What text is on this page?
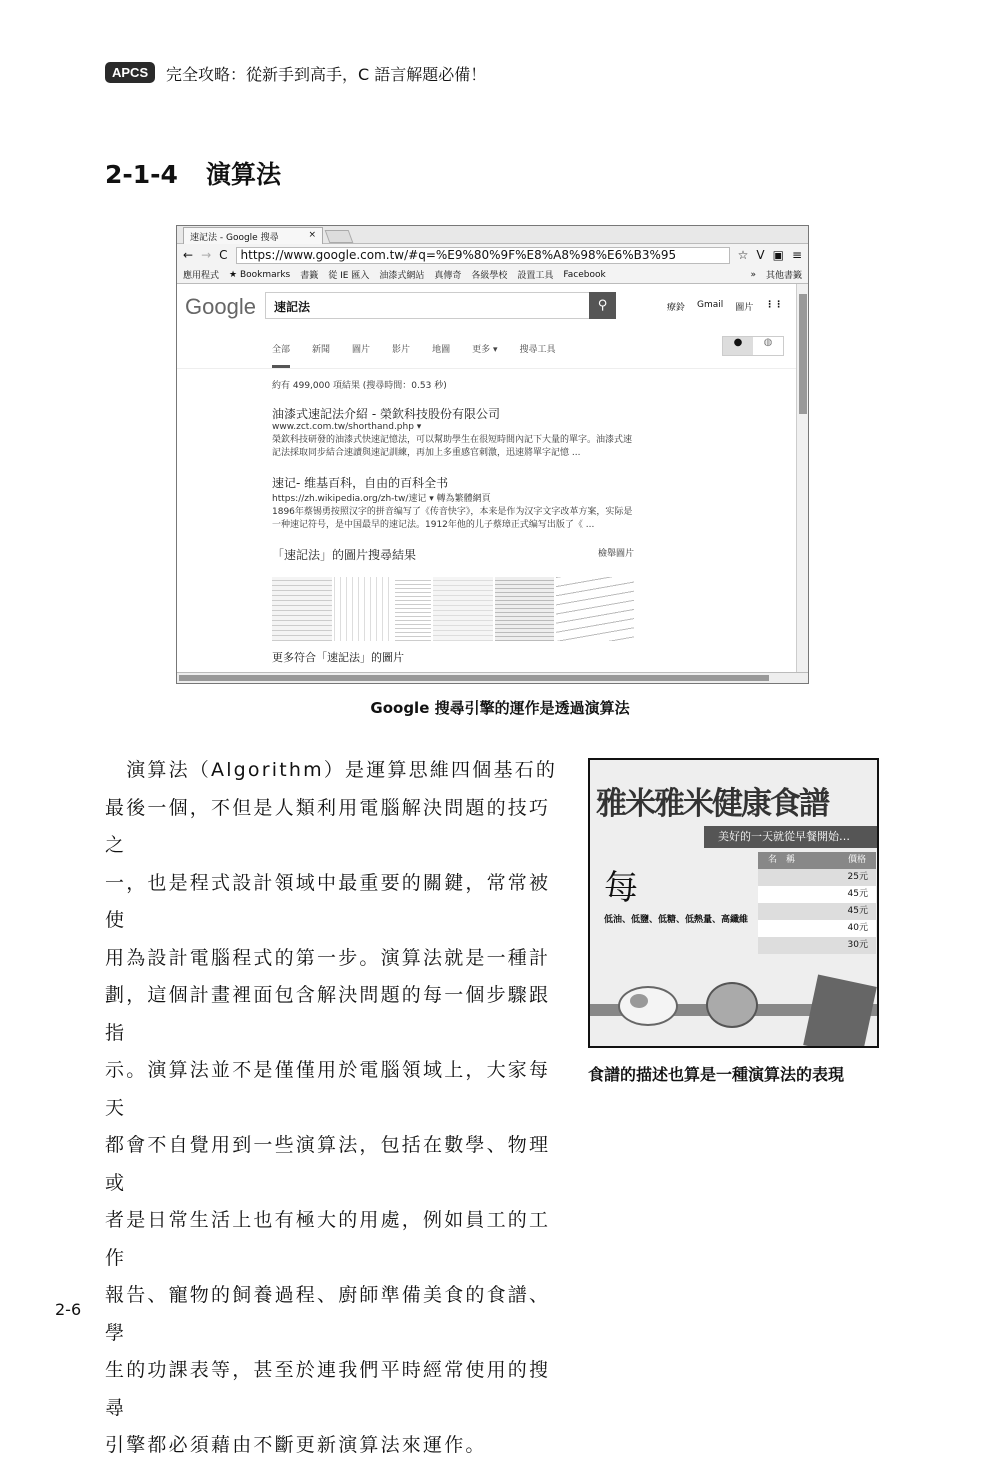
APCS	完全攻略：從新手到高手，C 語言解題必備！
2-1-4 演算法
速記法 - Google 搜尋	×
← → C	https://www.google.com.tw/#q=%E9%80%9F%E8%A8%98%E6%B3%95	☆ V ▣ ≡
應用程式 ★ Bookmarks 書籤 從 IE 匯入 油漆式網站 真傳奇 各級學校 設置工具 Facebook	» 其他書籤
Google	速記法	⚲	療鈴 Gmail 圖片 ⋮⋮
全部 新聞 圖片 影片 地圖 更多 ▾ 搜尋工具
●	◍
約有 499,000 項結果 (搜尋時間：0.53 秒)
油漆式速記法介紹 - 榮欽科技股份有限公司
www.zct.com.tw/shorthand.php ▾
榮欽科技研發的油漆式快速記憶法，可以幫助學生在很短時間內記下大量的單字。油漆式速記法採取同步結合速讀與速記訓練，再加上多重感官刺激，迅速將單字記憶 ...
速记- 维基百科，自由的百科全书
https://zh.wikipedia.org/zh-tw/速记 ▾ 轉為繁體網頁
1896年蔡锡勇按照汉字的拼音编写了《传音快字》，本来是作为汉字文字改革方案，实际是一种速记符号，是中国最早的速记法。1912年他的儿子蔡璋正式编写出版了《 ...
「速記法」的圖片搜尋結果	檢舉圖片
更多符合「速記法」的圖片
Google 搜尋引擎的運作是透過演算法
　演算法（Algorithm）是運算思維四個基石的
最後一個，不但是人類利用電腦解決問題的技巧之
一，也是程式設計領域中最重要的關鍵，常常被使
用為設計電腦程式的第一步。演算法就是一種計
劃，這個計畫裡面包含解決問題的每一個步驟跟指
示。演算法並不是僅僅用於電腦領域上，大家每天
都會不自覺用到一些演算法，包括在數學、物理或
者是日常生活上也有極大的用處，例如員工的工作
報告、寵物的飼養過程、廚師準備美食的食譜、學
生的功課表等，甚至於連我們平時經常使用的搜尋
引擎都必須藉由不斷更新演算法來運作。
雅米雅米健康食譜
美好的一天就從早餐開始…
名　稱	價格
25元
45元
45元
40元
30元
每
低油、低鹽、低糖、低熱量、高纖維
食譜的描述也算是一種演算法的表現
2-6
